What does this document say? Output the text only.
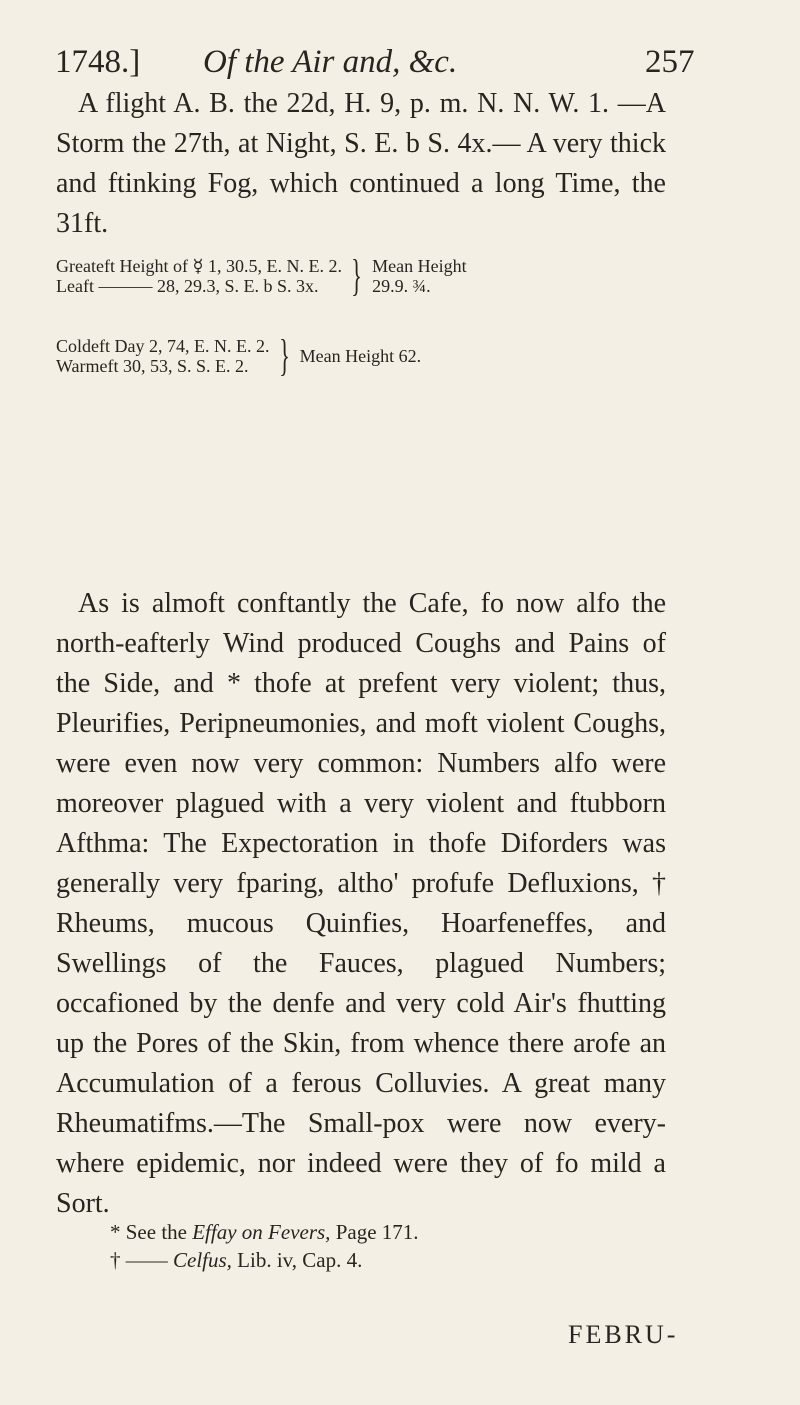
1748.] Of the Air and, &c.	257

A flight A. B. the 22d, H. 9, p. m. N. N. W. 1. —A Storm the 27th, at Night, S. E. b S. 4x.— A very thick and ftinking Fog, which continued a long Time, the 31ft.

Greateft Height of ☿ 1, 30.5, E. N. E. 2.
Leaft ——— 28, 29.3, S. E. b S. 3x. } Mean Height
29.9. ¾.
Coldeft Day 2, 74, E. N. E. 2.
Warmeft 30, 53, S. S. E. 2. } Mean Height 62.

As is almoft conftantly the Cafe, fo now alfo the north-eafterly Wind produced Coughs and Pains of the Side, and * thofe at prefent very violent; thus, Pleurifies, Peripneumonies, and moft violent Coughs, were even now very common: Numbers alfo were moreover plagued with a very violent and ftubborn Afthma: The Expectoration in thofe Diforders was generally very fparing, altho' profufe Defluxions, † Rheums, mucous Quinfies, Hoarfeneffes, and Swellings of the Fauces, plagued Numbers; occafioned by the denfe and very cold Air's fhutting up the Pores of the Skin, from whence there arofe an Accumulation of a ferous Colluvies. A great many Rheumatifms.—The Small-pox were now every-where epidemic, nor indeed were they of fo mild a Sort.

* See the Effay on Fevers, Page 171.
† —— Celfus, Lib. iv, Cap. 4.
FEBRU-
